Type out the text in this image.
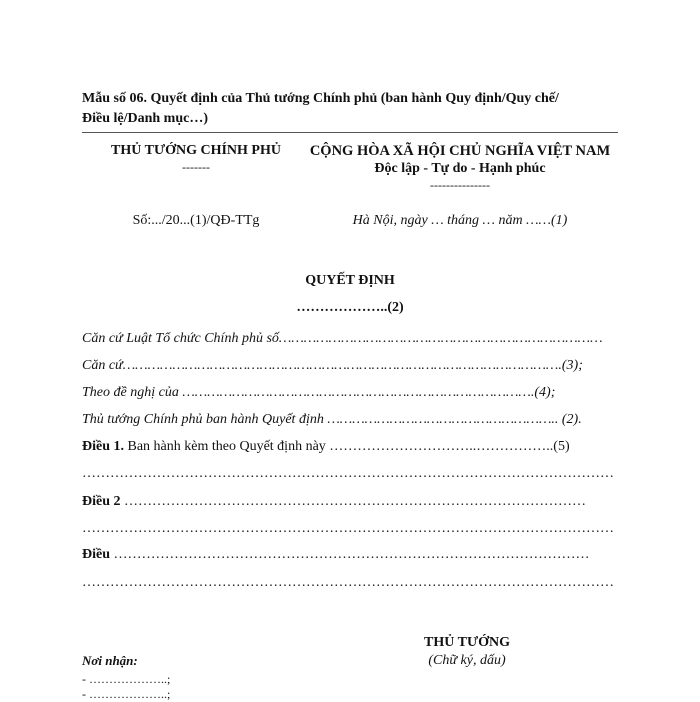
Mẫu số 06. Quyết định của Thủ tướng Chính phủ (ban hành Quy định/Quy chế/Điều lệ/Danh mục…)
THỦ TƯỚNG CHÍNH PHỦ
-------
CỘNG HÒA XÃ HỘI CHỦ NGHĨA VIỆT NAM
Độc lập - Tự do - Hạnh phúc
---------------
Số:.../20...(1)/QĐ-TTg	Hà Nội, ngày … tháng … năm ……(1)
QUYẾT ĐỊNH
………………..(2)
Căn cứ Luật Tổ chức Chính phủ số……………………………………………………………………
Căn cứ…………………………………………………………………………………………….(3);
Theo đề nghị của ………………………………………………………………………….(4);
Thủ tướng Chính phủ ban hành Quyết định ……………………………………………….. (2).
Điều 1. Ban hành kèm theo Quyết định này …………………………..……………..(5)
……………………………………………………………………………………………………
Điều 2 ………………………………………………………………………………………
……………………………………………………………………………………………………
Điều …………………………………………………………………………………………
……………………………………………………………………………………………………
THỦ TƯỚNG
(Chữ ký, dấu)
Nơi nhận:
- ………………..;
- ………………..;
